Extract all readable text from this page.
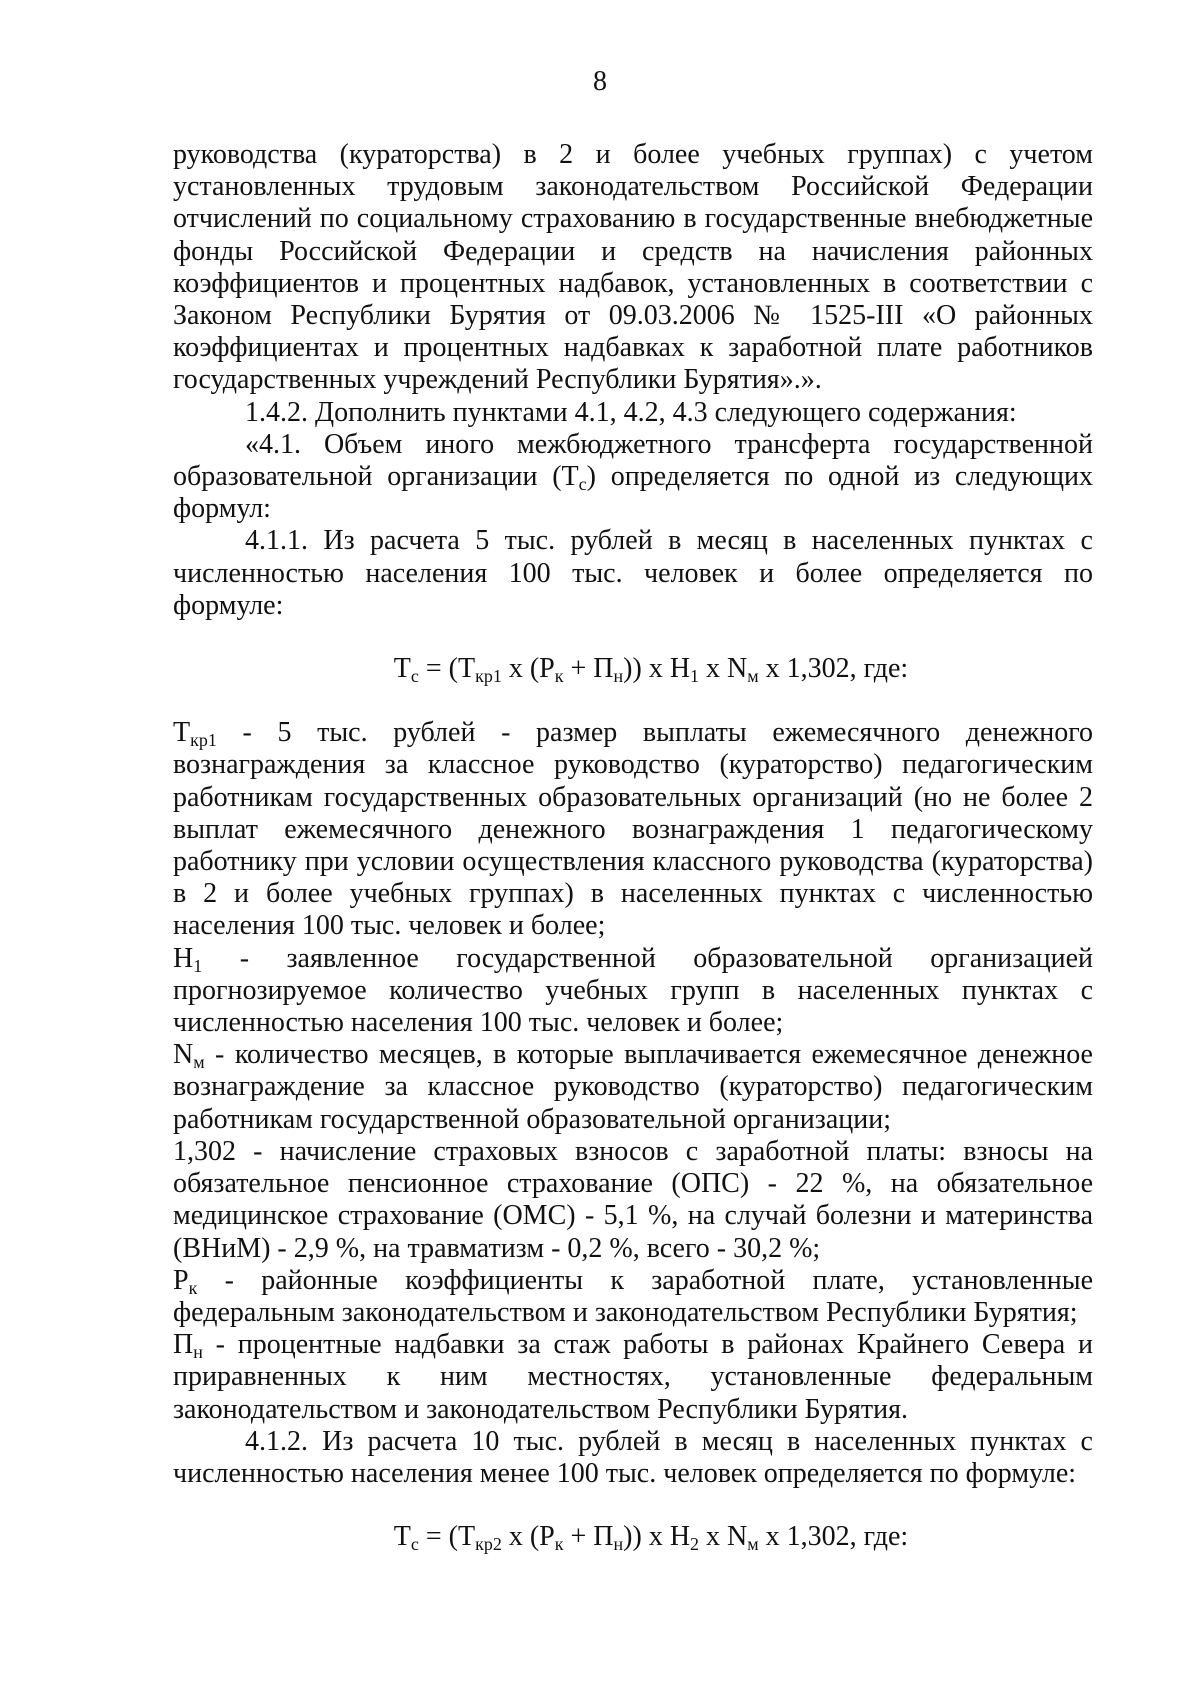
8

руководства (кураторства) в 2 и более учебных группах) с учетом установленных трудовым законодательством Российской Федерации отчислений по социальному страхованию в государственные внебюджетные фонды Российской Федерации и средств на начисления районных коэффициентов и процентных надбавок, установленных в соответствии с Законом Республики Бурятия от 09.03.2006 № 1525-III «О районных коэффициентах и процентных надбавках к заработной плате работников государственных учреждений Республики Бурятия».».

1.4.2. Дополнить пунктами 4.1, 4.2, 4.3 следующего содержания:

«4.1. Объем иного межбюджетного трансферта государственной образовательной организации $(Т_с)$ определяется по одной из следующих формул:

4.1.1. Из расчета 5 тыс. рублей в месяц в населенных пунктах с численностью населения 100 тыс. человек и более определяется по формуле:

$Т_с = (Т_{кр1}$ х $(Р_к + П_н)$) х $Н_1$ х $N_м$ х 1,302, где:

$Т_{кр1} - 5$ тыс. рублей - размер выплаты ежемесячного денежного вознаграждения за классное руководство (кураторство) педагогическим работникам государственных образовательных организаций (но не более 2 выплат ежемесячного денежного вознаграждения 1 педагогическому работнику при условии осуществления классного руководства (кураторства) в 2 и более учебных группах) в населенных пунктах с численностью населения 100 тыс. человек и более;

$Н_1$ - заявленное государственной образовательной организацией прогнозируемое количество учебных групп в населенных пунктах с численностью населения 100 тыс. человек и более;

$N_м$ - количество месяцев, в которые выплачивается ежемесячное денежное вознаграждение за классное руководство (кураторство) педагогическим работникам государственной образовательной организации;

1,302 - начисление страховых взносов с заработной платы: взносы на обязательное пенсионное страхование (ОПС) - 22 %, на обязательное медицинское страхование (ОМС) - 5,1 %, на случай болезни и материнства (ВНиМ) - 2,9 %, на травматизм - 0,2 %, всего - 30,2 %;

$Р_к$ - районные коэффициенты к заработной плате, установленные федеральным законодательством и законодательством Республики Бурятия;

$П_н$ - процентные надбавки за стаж работы в районах Крайнего Севера и приравненных к ним местностях, установленные федеральным законодательством и законодательством Республики Бурятия.

4.1.2. Из расчета 10 тыс. рублей в месяц в населенных пунктах с численностью населения менее 100 тыс. человек определяется по формуле:

$Т_с = (Т_{кр2}$ х $(Р_к + П_н)$) х $Н_2$ х $N_м$ х 1,302, где:
